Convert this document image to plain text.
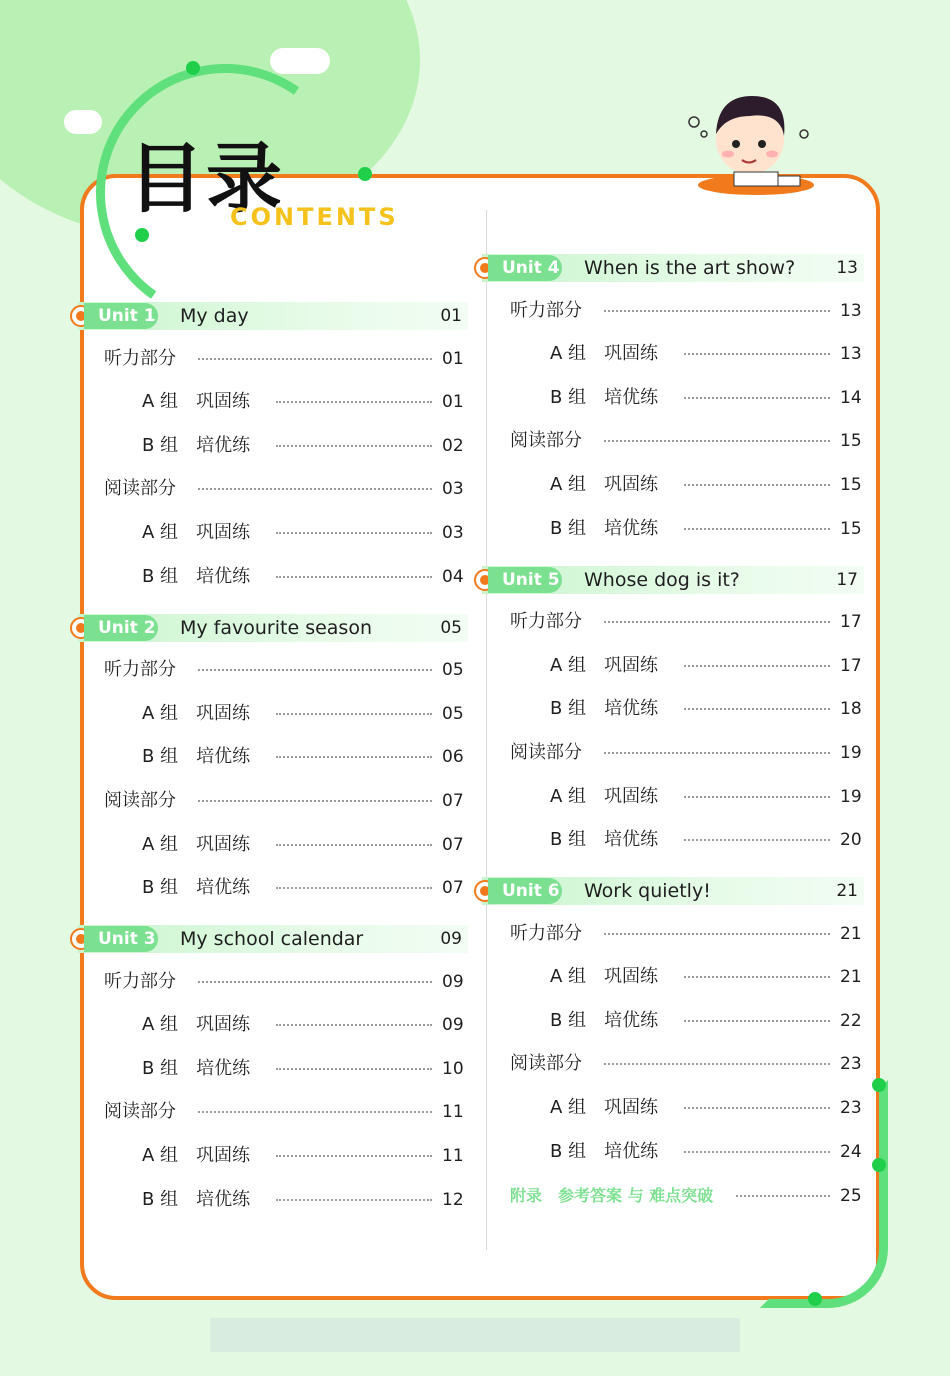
目录
CONTENTS
Unit 1 My day	01
听力部分	01
A 组　巩固练	01
B 组　培优练	02
阅读部分	03
A 组　巩固练	03
B 组　培优练	04
Unit 2 My favourite season	05
听力部分	05
A 组　巩固练	05
B 组　培优练	06
阅读部分	07
A 组　巩固练	07
B 组　培优练	07
Unit 3 My school calendar	09
听力部分	09
A 组　巩固练	09
B 组　培优练	10
阅读部分	11
A 组　巩固练	11
B 组　培优练	12
Unit 4 When is the art show? 13
听力部分	13
A 组　巩固练	13
B 组　培优练	14
阅读部分	15
A 组　巩固练	15
B 组　培优练	15
Unit 5 Whose dog is it?	17
听力部分	17
A 组　巩固练	17
B 组　培优练	18
阅读部分	19
A 组　巩固练	19
B 组　培优练	20
Unit 6 Work quietly!	21
听力部分	21
A 组　巩固练	21
B 组　培优练	22
阅读部分	23
A 组　巩固练	23
B 组　培优练	24
附录　参考答案 与 难点突破	25
